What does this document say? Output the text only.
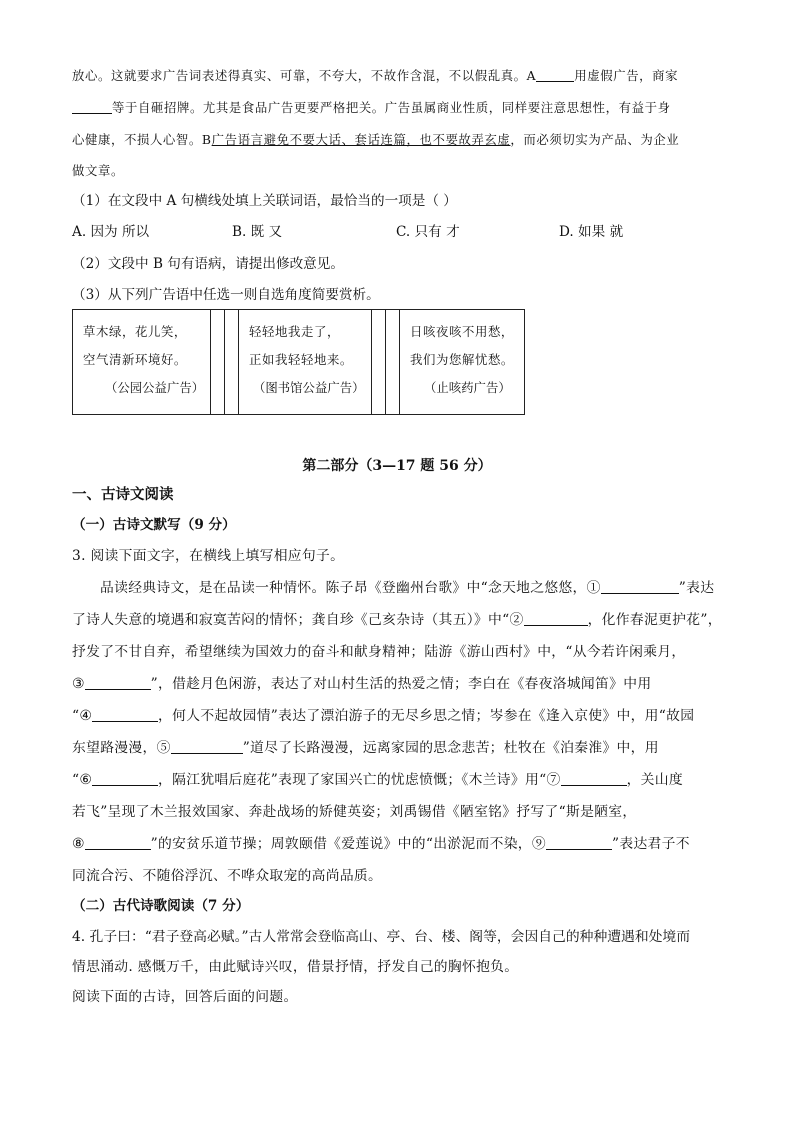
放心。这就要求广告词表述得真实、可靠，不夸大，不故作含混，不以假乱真。A	用虚假广告，商家
等于自砸招牌。尤其是食品广告更要严格把关。广告虽属商业性质，同样要注意思想性，有益于身
心健康，不损人心智。B广告语言避免不要大话、套话连篇，也不要故弄玄虚，而必须切实为产品、为企业
做文章。
（1）在文段中 A 句横线处填上关联词语，最恰当的一项是（ ）
A. 因为 所以	B. 既 又	C. 只有 才	D. 如果 就
（2）文段中 B 句有语病，请提出修改意见。
（3）从下列广告语中任选一则自选角度简要赏析。
草木绿，花儿笑，
空气清新环境好。
（公园公益广告）

轻轻地我走了，
正如我轻轻地来。
（图书馆公益广告）

日咳夜咳不用愁，
我们为您解忧愁。
（止咳药广告）
第二部分（3—17 题 56 分）
一、古诗文阅读
（一）古诗文默写（9 分）
3. 阅读下面文字，在横线上填写相应句子。
品读经典诗文，是在品读一种情怀。陈子昂《登幽州台歌》中“念天地之悠悠，①	”表达
了诗人失意的境遇和寂寞苦闷的情怀；龚自珍《己亥杂诗（其五）》中“②	，化作春泥更护花”，
抒发了不甘自弃，希望继续为国效力的奋斗和献身精神；陆游《游山西村》中，“从今若许闲乘月，
③	”，借趁月色闲游，表达了对山村生活的热爱之情；李白在《春夜洛城闻笛》中用
“④	，何人不起故园情”表达了漂泊游子的无尽乡思之情；岑参在《逢入京使》中，用“故园
东望路漫漫，⑤	”道尽了长路漫漫，远离家园的思念悲苦；杜牧在《泊秦淮》中，用
“⑥	，隔江犹唱后庭花”表现了家国兴亡的忧虑愤慨；《木兰诗》用“⑦	，关山度
若飞”呈现了木兰报效国家、奔赴战场的矫健英姿；刘禹锡借《陋室铭》抒写了“斯是陋室，
⑧	”的安贫乐道节操；周敦颐借《爱莲说》中的“出淤泥而不染，⑨	”表达君子不
同流合污、不随俗浮沉、不哗众取宠的高尚品质。
（二）古代诗歌阅读（7 分）
4. 孔子曰：“君子登高必赋。”古人常常会登临高山、亭、台、楼、阁等，会因自己的种种遭遇和处境而
情思涌动. 感慨万千，由此赋诗兴叹，借景抒情，抒发自己的胸怀抱负。
阅读下面的古诗，回答后面的问题。
